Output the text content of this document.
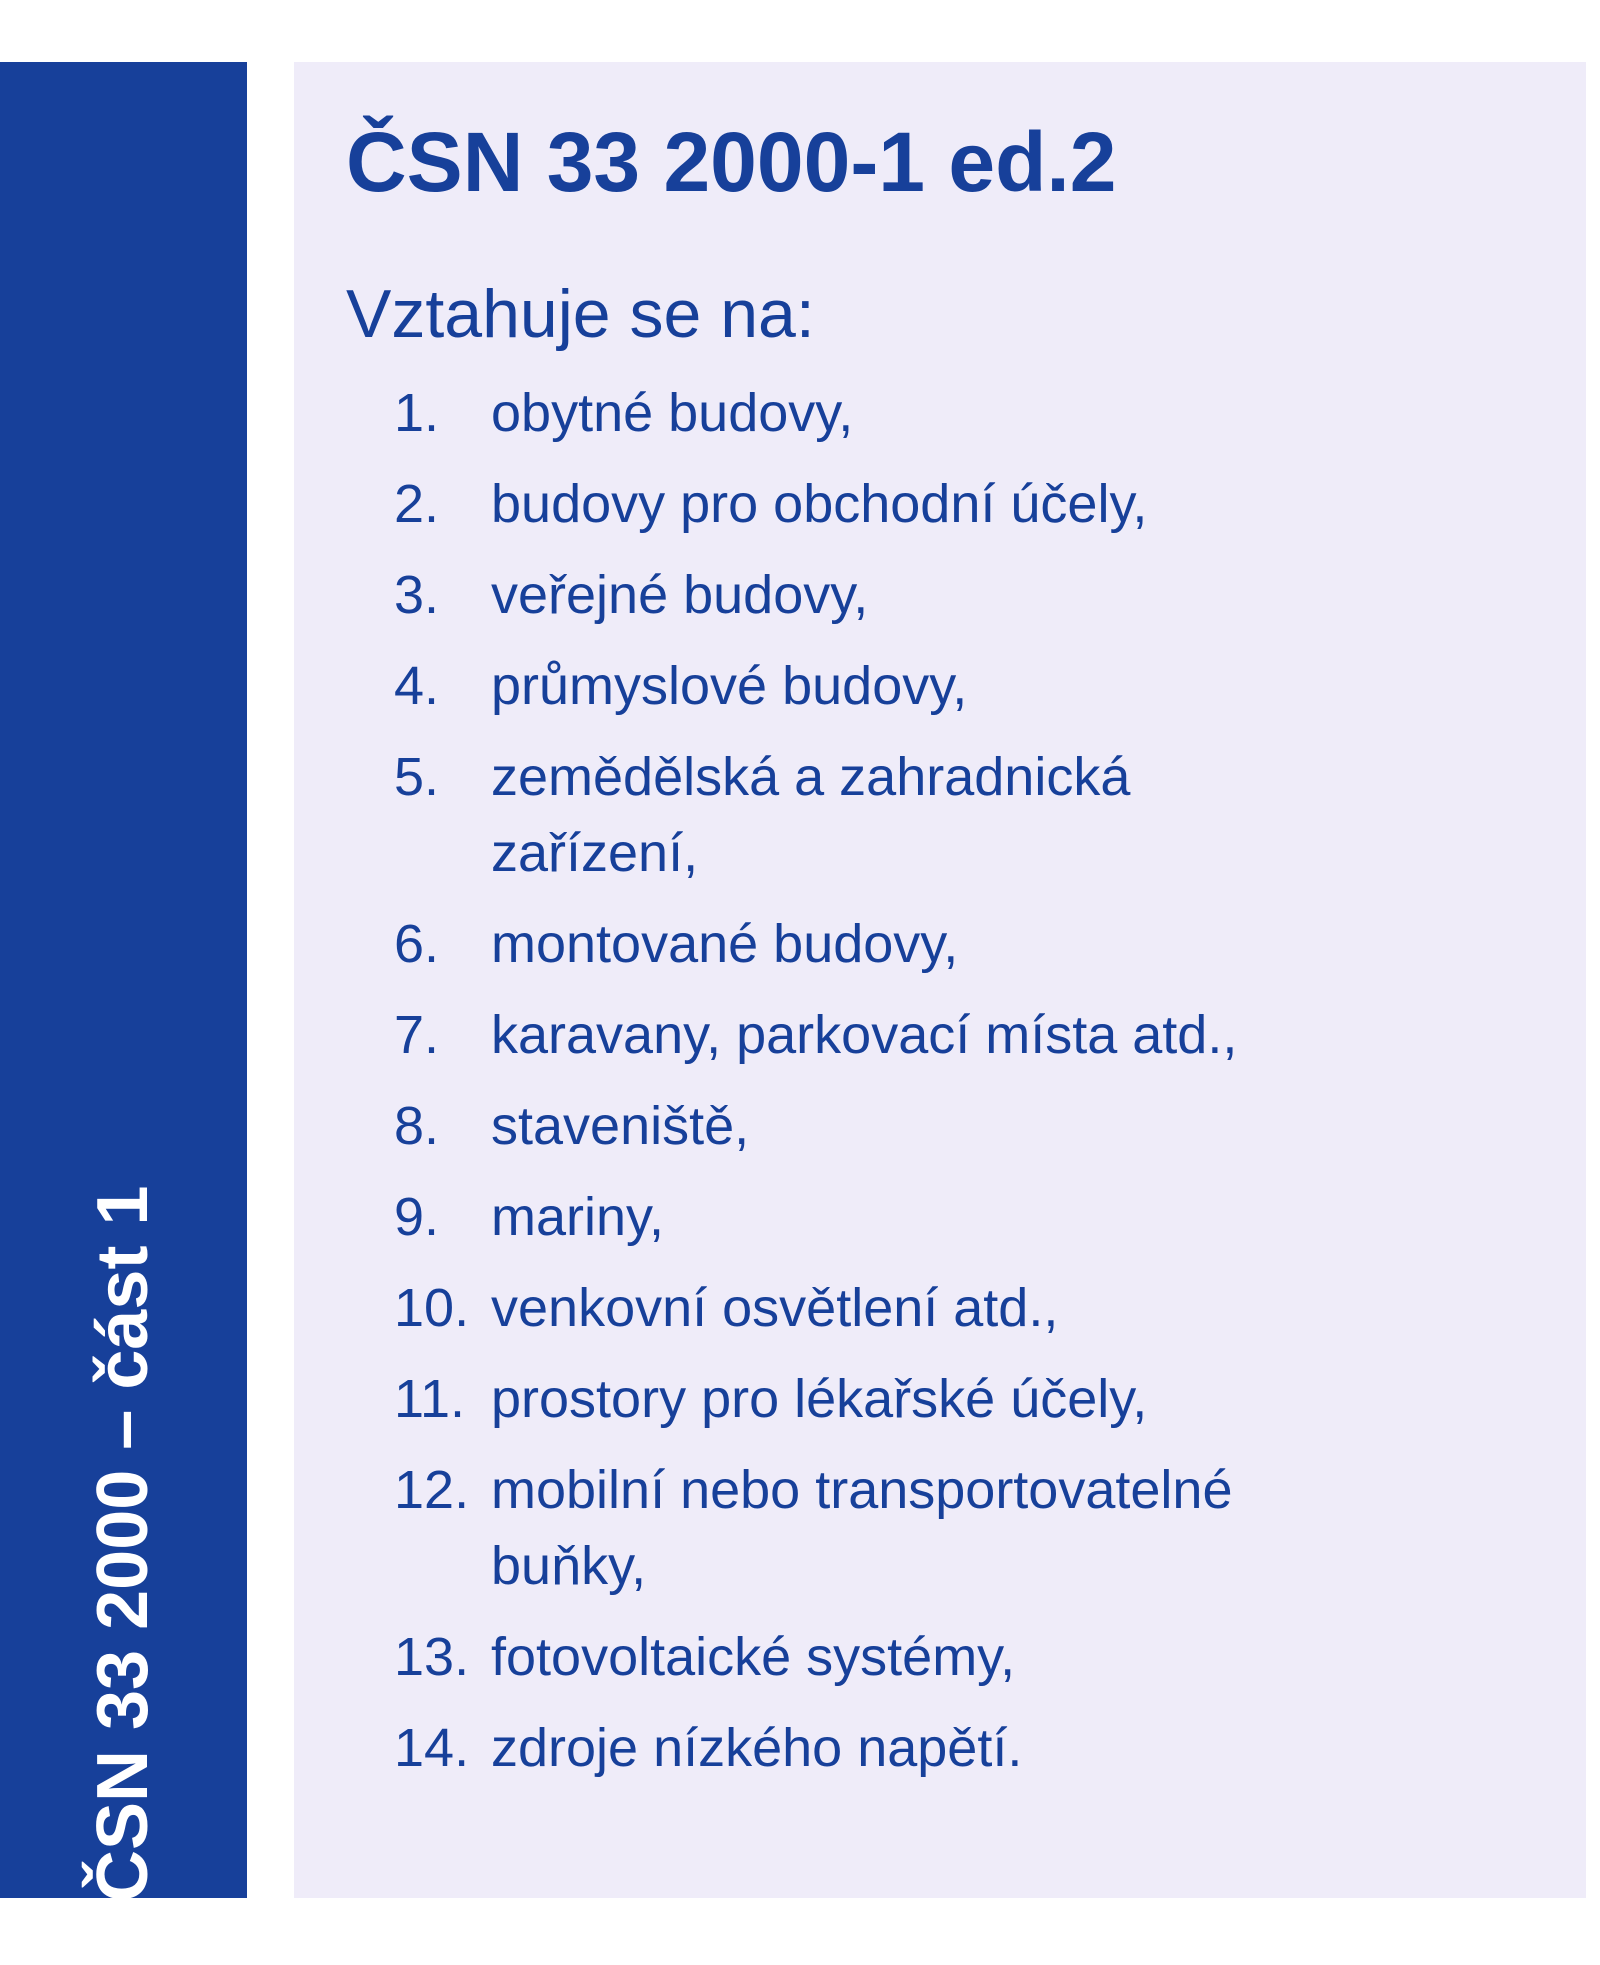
ČSN 33 2000 – část 1
ČSN 33 2000-1 ed.2

Vztahuje se na:

1. obytné budovy,
2. budovy pro obchodní účely,
3. veřejné budovy,
4. průmyslové budovy,
5. zemědělská a zahradnická zařízení,
6. montované budovy,
7. karavany, parkovací místa atd.,
8. staveniště,
9. mariny,
10. venkovní osvětlení atd.,
11. prostory pro lékařské účely,
12. mobilní nebo transportovatelné buňky,
13. fotovoltaické systémy,
14. zdroje nízkého napětí.
